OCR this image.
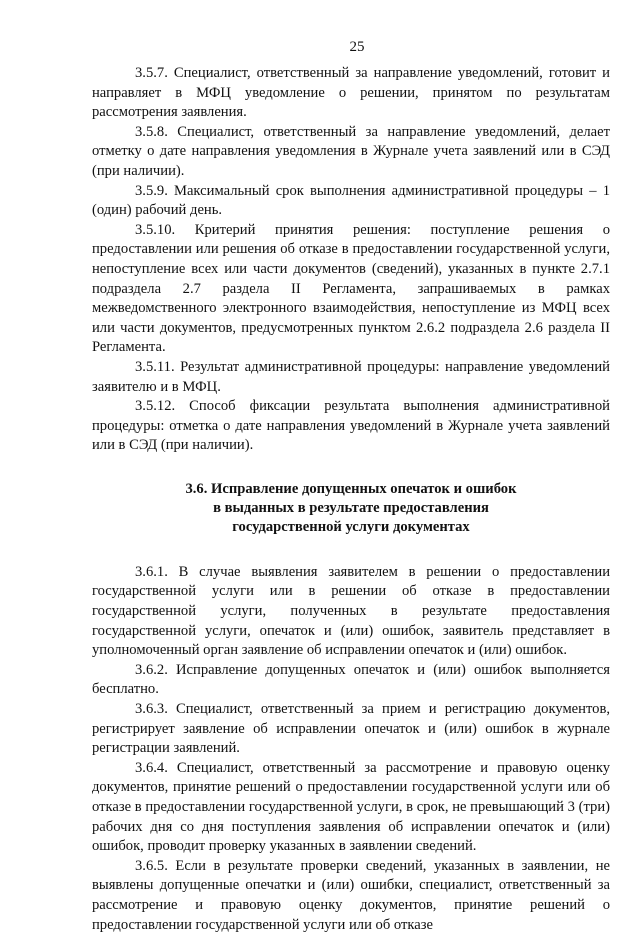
25

3.5.7. Специалист, ответственный за направление уведомлений, готовит и направляет в МФЦ уведомление о решении, принятом по результатам рассмотрения заявления.

3.5.8. Специалист, ответственный за направление уведомлений, делает отметку о дате направления уведомления в Журнале учета заявлений или в СЭД (при наличии).

3.5.9. Максимальный срок выполнения административной процедуры – 1 (один) рабочий день.

3.5.10. Критерий принятия решения: поступление решения о предоставлении или решения об отказе в предоставлении государственной услуги, непоступление всех или части документов (сведений), указанных в пункте 2.7.1 подраздела 2.7 раздела II Регламента, запрашиваемых в рамках межведомственного электронного взаимодействия, непоступление из МФЦ всех или части документов, предусмотренных пунктом 2.6.2 подраздела 2.6 раздела II Регламента.

3.5.11. Результат административной процедуры: направление уведомлений заявителю и в МФЦ.

3.5.12. Способ фиксации результата выполнения административной процедуры: отметка о дате направления уведомлений в Журнале учета заявлений или в СЭД (при наличии).

3.6. Исправление допущенных опечаток и ошибок
в выданных в результате предоставления
государственной услуги документах

3.6.1. В случае выявления заявителем в решении о предоставлении государственной услуги или в решении об отказе в предоставлении государственной услуги, полученных в результате предоставления государственной услуги, опечаток и (или) ошибок, заявитель представляет в уполномоченный орган заявление об исправлении опечаток и (или) ошибок.

3.6.2. Исправление допущенных опечаток и (или) ошибок выполняется бесплатно.

3.6.3. Специалист, ответственный за прием и регистрацию документов, регистрирует заявление об исправлении опечаток и (или) ошибок в журнале регистрации заявлений.

3.6.4. Специалист, ответственный за рассмотрение и правовую оценку документов, принятие решений о предоставлении государственной услуги или об отказе в предоставлении государственной услуги, в срок, не превышающий 3 (три) рабочих дня со дня поступления заявления об исправлении опечаток и (или) ошибок, проводит проверку указанных в заявлении сведений.

3.6.5. Если в результате проверки сведений, указанных в заявлении, не выявлены допущенные опечатки и (или) ошибки, специалист, ответственный за рассмотрение и правовую оценку документов, принятие решений о предоставлении государственной услуги или об отказе
